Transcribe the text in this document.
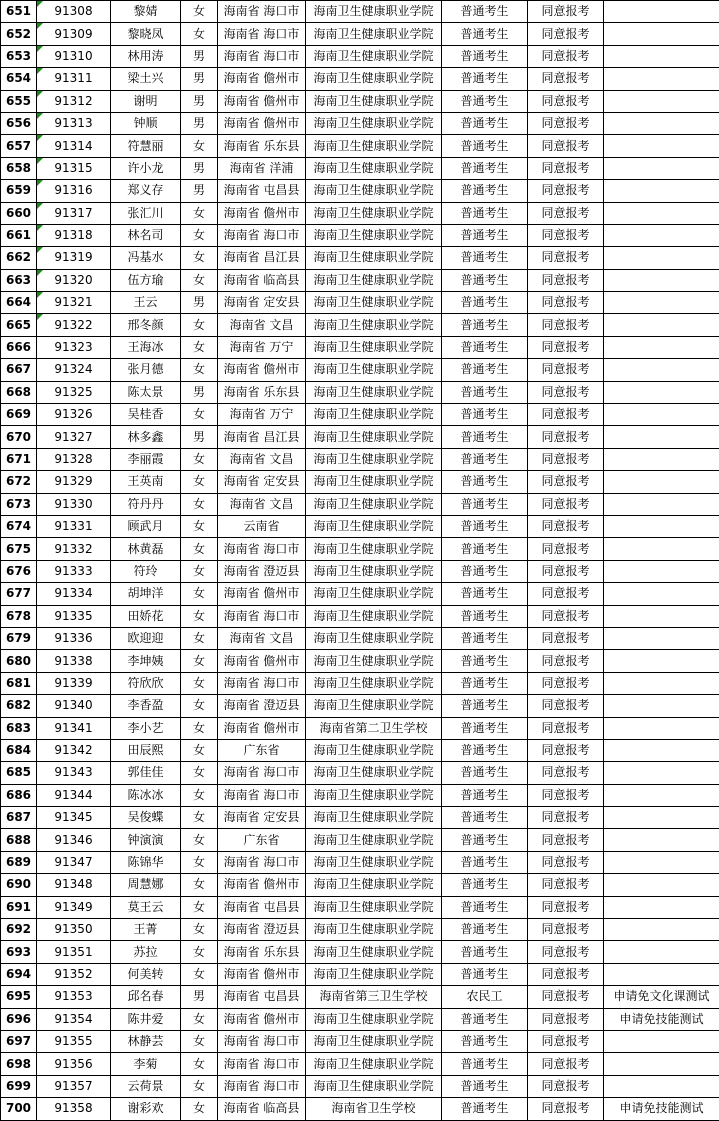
651	91308	黎婧	女	海南省 海口市	海南卫生健康职业学院	普通考生	同意报考	
652	91309	黎晓凤	女	海南省 海口市	海南卫生健康职业学院	普通考生	同意报考	
653	91310	林用涛	男	海南省 海口市	海南卫生健康职业学院	普通考生	同意报考	
654	91311	梁土兴	男	海南省 儋州市	海南卫生健康职业学院	普通考生	同意报考	
655	91312	谢明	男	海南省 儋州市	海南卫生健康职业学院	普通考生	同意报考	
656	91313	钟顺	男	海南省 儋州市	海南卫生健康职业学院	普通考生	同意报考	
657	91314	符慧丽	女	海南省 乐东县	海南卫生健康职业学院	普通考生	同意报考	
658	91315	许小龙	男	海南省 洋浦	海南卫生健康职业学院	普通考生	同意报考	
659	91316	郑义存	男	海南省 屯昌县	海南卫生健康职业学院	普通考生	同意报考	
660	91317	张汇川	女	海南省 儋州市	海南卫生健康职业学院	普通考生	同意报考	
661	91318	林名司	女	海南省 海口市	海南卫生健康职业学院	普通考生	同意报考	
662	91319	冯基水	女	海南省 昌江县	海南卫生健康职业学院	普通考生	同意报考	
663	91320	伍方瑜	女	海南省 临高县	海南卫生健康职业学院	普通考生	同意报考	
664	91321	王云	男	海南省 定安县	海南卫生健康职业学院	普通考生	同意报考	
665	91322	邢冬颜	女	海南省 文昌	海南卫生健康职业学院	普通考生	同意报考	
666	91323	王海冰	女	海南省 万宁	海南卫生健康职业学院	普通考生	同意报考	
667	91324	张月德	女	海南省 儋州市	海南卫生健康职业学院	普通考生	同意报考	
668	91325	陈太景	男	海南省 乐东县	海南卫生健康职业学院	普通考生	同意报考	
669	91326	吴桂香	女	海南省 万宁	海南卫生健康职业学院	普通考生	同意报考	
670	91327	林多鑫	男	海南省 昌江县	海南卫生健康职业学院	普通考生	同意报考	
671	91328	李丽霞	女	海南省 文昌	海南卫生健康职业学院	普通考生	同意报考	
672	91329	王英南	女	海南省 定安县	海南卫生健康职业学院	普通考生	同意报考	
673	91330	符丹丹	女	海南省 文昌	海南卫生健康职业学院	普通考生	同意报考	
674	91331	顾武月	女	云南省	海南卫生健康职业学院	普通考生	同意报考	
675	91332	林黄磊	女	海南省 海口市	海南卫生健康职业学院	普通考生	同意报考	
676	91333	符玲	女	海南省 澄迈县	海南卫生健康职业学院	普通考生	同意报考	
677	91334	胡坤洋	女	海南省 儋州市	海南卫生健康职业学院	普通考生	同意报考	
678	91335	田娇花	女	海南省 海口市	海南卫生健康职业学院	普通考生	同意报考	
679	91336	欧迎迎	女	海南省 文昌	海南卫生健康职业学院	普通考生	同意报考	
680	91338	李坤姨	女	海南省 儋州市	海南卫生健康职业学院	普通考生	同意报考	
681	91339	符欣欣	女	海南省 海口市	海南卫生健康职业学院	普通考生	同意报考	
682	91340	李香盈	女	海南省 澄迈县	海南卫生健康职业学院	普通考生	同意报考	
683	91341	李小艺	女	海南省 儋州市	海南省第二卫生学校	普通考生	同意报考	
684	91342	田辰熙	女	广东省	海南卫生健康职业学院	普通考生	同意报考	
685	91343	郭佳佳	女	海南省 海口市	海南卫生健康职业学院	普通考生	同意报考	
686	91344	陈冰冰	女	海南省 海口市	海南卫生健康职业学院	普通考生	同意报考	
687	91345	吴俊蝶	女	海南省 定安县	海南卫生健康职业学院	普通考生	同意报考	
688	91346	钟演演	女	广东省	海南卫生健康职业学院	普通考生	同意报考	
689	91347	陈锦华	女	海南省 海口市	海南卫生健康职业学院	普通考生	同意报考	
690	91348	周慧娜	女	海南省 儋州市	海南卫生健康职业学院	普通考生	同意报考	
691	91349	莫王云	女	海南省 屯昌县	海南卫生健康职业学院	普通考生	同意报考	
692	91350	王菁	女	海南省 澄迈县	海南卫生健康职业学院	普通考生	同意报考	
693	91351	苏拉	女	海南省 乐东县	海南卫生健康职业学院	普通考生	同意报考	
694	91352	何美转	女	海南省 儋州市	海南卫生健康职业学院	普通考生	同意报考	
695	91353	邱名春	男	海南省 屯昌县	海南省第三卫生学校	农民工	同意报考	申请免文化课测试
696	91354	陈井爱	女	海南省 儋州市	海南卫生健康职业学院	普通考生	同意报考	申请免技能测试
697	91355	林静芸	女	海南省 海口市	海南卫生健康职业学院	普通考生	同意报考	
698	91356	李菊	女	海南省 海口市	海南卫生健康职业学院	普通考生	同意报考	
699	91357	云荷景	女	海南省 海口市	海南卫生健康职业学院	普通考生	同意报考	
700	91358	谢彩欢	女	海南省 临高县	海南省卫生学校	普通考生	同意报考	申请免技能测试
